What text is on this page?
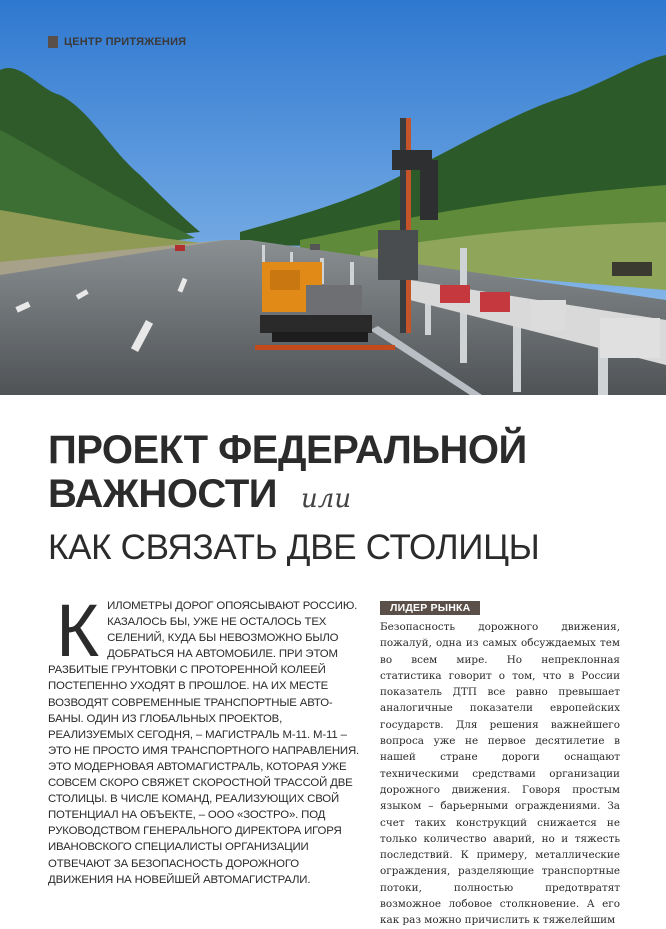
ЦЕНТР ПРИТЯЖЕНИЯ
ПРОЕКТ ФЕДЕРАЛЬНОЙ
ВАЖНОСТИ или
КАК СВЯЗАТЬ ДВЕ СТОЛИЦЫ
К ИЛОМЕТРЫ ДОРОГ ОПОЯСЫВАЮТ РОССИЮ. КАЗАЛОСЬ БЫ, УЖЕ НЕ ОСТАЛОСЬ ТЕХ СЕЛЕНИЙ, КУДА БЫ НЕВОЗМОЖНО БЫЛО ДОБРАТЬСЯ НА АВТОМОБИЛЕ. ПРИ ЭТОМ РАЗБИТЫЕ ГРУНТОВКИ С ПРОТОРЕННОЙ КОЛЕЕЙ ПОСТЕПЕННО УХОДЯТ В ПРОШЛОЕ. НА ИХ МЕСТЕ ВОЗВОДЯТ СОВРЕМЕННЫЕ ТРАНСПОРТНЫЕ АВТО-БАНЫ. ОДИН ИЗ ГЛОБАЛЬНЫХ ПРОЕКТОВ, РЕАЛИЗУЕМЫХ СЕГОДНЯ, – МАГИСТРАЛЬ М-11. М-11 – ЭТО НЕ ПРОСТО ИМЯ ТРАНСПОРТНОГО НАПРАВЛЕНИЯ. ЭТО МОДЕРНОВАЯ АВТОМАГИСТРАЛЬ, КОТОРАЯ УЖЕ СОВСЕМ СКОРО СВЯЖЕТ СКОРОСТНОЙ ТРАССОЙ ДВЕ СТОЛИЦЫ. В ЧИСЛЕ КОМАНД, РЕАЛИЗУЮЩИХ СВОЙ ПОТЕНЦИАЛ НА ОБЪЕКТЕ, – ООО «ЗОСТРО». ПОД РУКОВОДСТВОМ ГЕНЕРАЛЬНОГО ДИРЕКТОРА ИГОРЯ ИВАНОВСКОГО СПЕЦИАЛИСТЫ ОРГАНИЗАЦИИ ОТВЕЧАЮТ ЗА БЕЗОПАСНОСТЬ ДОРОЖНОГО ДВИЖЕНИЯ НА НОВЕЙШЕЙ АВТОМАГИСТРАЛИ.

ЛИДЕР РЫНКА

Безопасность дорожного движения, пожалуй, одна из самых обсуждаемых тем во всем мире. Но непреклонная статистика говорит о том, что в России показатель ДТП все равно превышает аналогичные показатели европейских государств. Для решения важнейшего вопроса уже не первое десятилетие в нашей стране дороги оснащают техническими средствами организации дорожного движения. Говоря простым языком – барьерными ограждениями. За счет таких конструкций снижается не только количество аварий, но и тяжесть последствий. К примеру, металлические ограждения, разделяющие транспортные потоки, полностью предотвратят возможное лобовое столкновение. А его как раз можно причислить к тяжелейшим
